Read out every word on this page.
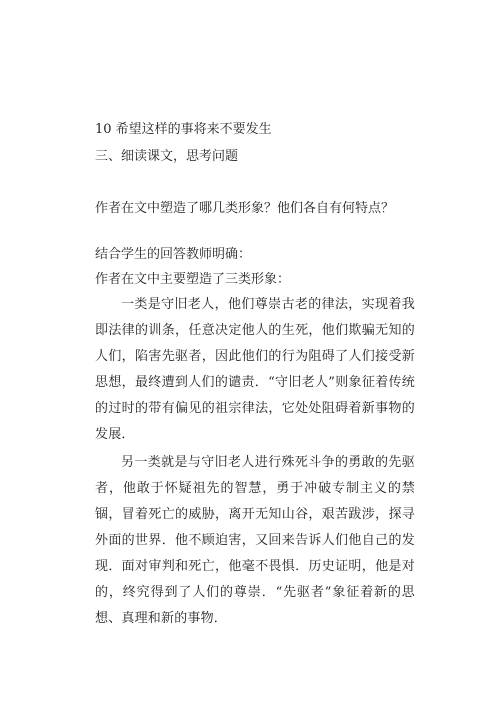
10 希望这样的事将来不要发生
三、细读课文，思考问题
作者在文中塑造了哪几类形象？他们各自有何特点？
结合学生的回答教师明确：
作者在文中主要塑造了三类形象：
一类是守旧老人，他们尊崇古老的律法，实现着我即法律的训条，任意决定他人的生死，他们欺骗无知的人们，陷害先驱者，因此他们的行为阻碍了人们接受新思想，最终遭到人们的谴责．“守旧老人”则象征着传统的过时的带有偏见的祖宗律法，它处处阻碍着新事物的发展．
另一类就是与守旧老人进行殊死斗争的勇敢的先驱者，他敢于怀疑祖先的智慧，勇于冲破专制主义的禁锢，冒着死亡的威胁，离开无知山谷，艰苦跋涉，探寻外面的世界．他不顾迫害，又回来告诉人们他自己的发现．面对审判和死亡，他毫不畏惧．历史证明，他是对的，终究得到了人们的尊崇．“先驱者”象征着新的思想、真理和新的事物．
